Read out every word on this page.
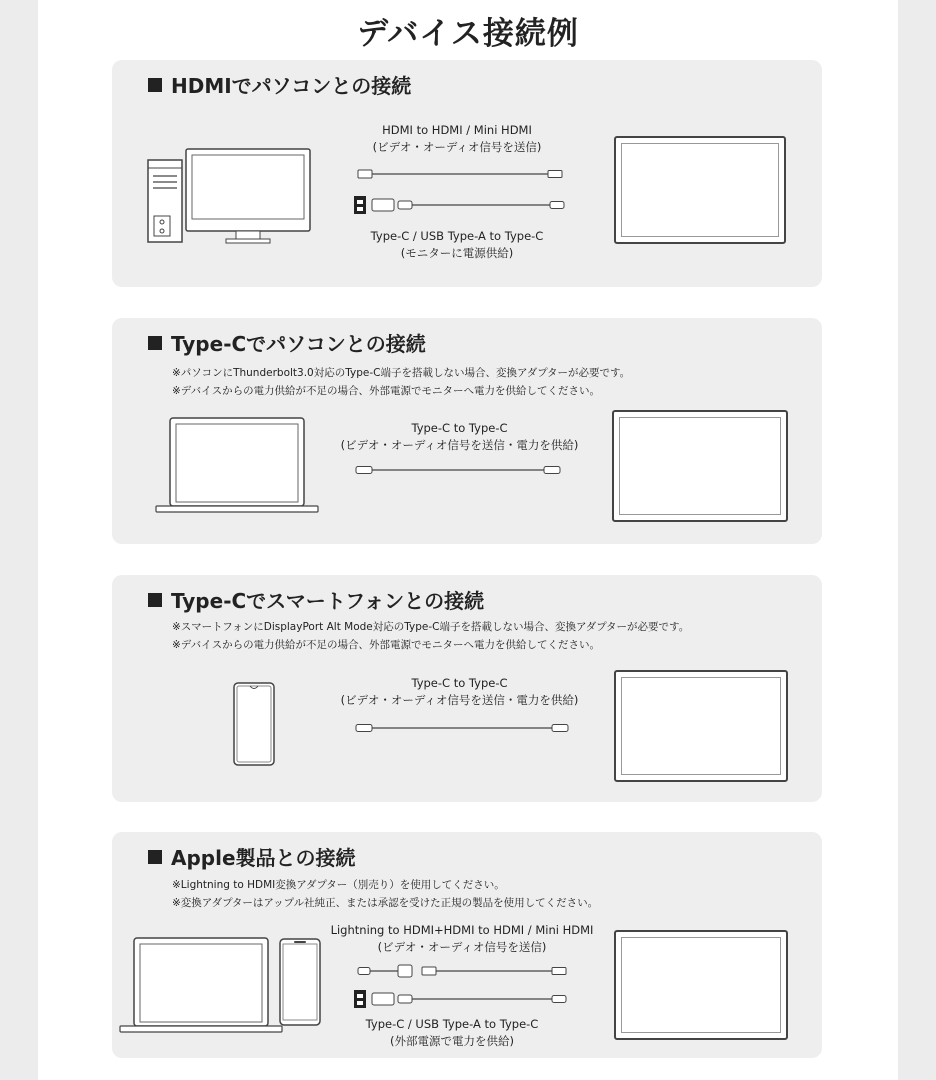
デバイス接続例
HDMIでパソコンとの接続
HDMI to HDMI / Mini HDMI
(ビデオ・オーディオ信号を送信)
Type-C / USB Type-A to Type-C
(モニターに電源供給)
Type-Cでパソコンとの接続
※パソコンにThunderbolt3.0対応のType-C端子を搭載しない場合、変換アダプターが必要です。
※デバイスからの電力供給が不足の場合、外部電源でモニターへ電力を供給してください。
Type-C to Type-C
(ビデオ・オーディオ信号を送信・電力を供給)
Type-Cでスマートフォンとの接続
※スマートフォンにDisplayPort Alt Mode対応のType-C端子を搭載しない場合、変換アダプターが必要です。
※デバイスからの電力供給が不足の場合、外部電源でモニターへ電力を供給してください。
Type-C to Type-C
(ビデオ・オーディオ信号を送信・電力を供給)
Apple製品との接続
※Lightning to HDMI変換アダプター（別売り）を使用してください。
※変換アダプターはアップル社純正、または承認を受けた正規の製品を使用してください。
Lightning to HDMI+HDMI to HDMI / Mini HDMI
(ビデオ・オーディオ信号を送信)
Type-C / USB Type-A to Type-C
(外部電源で電力を供給)
